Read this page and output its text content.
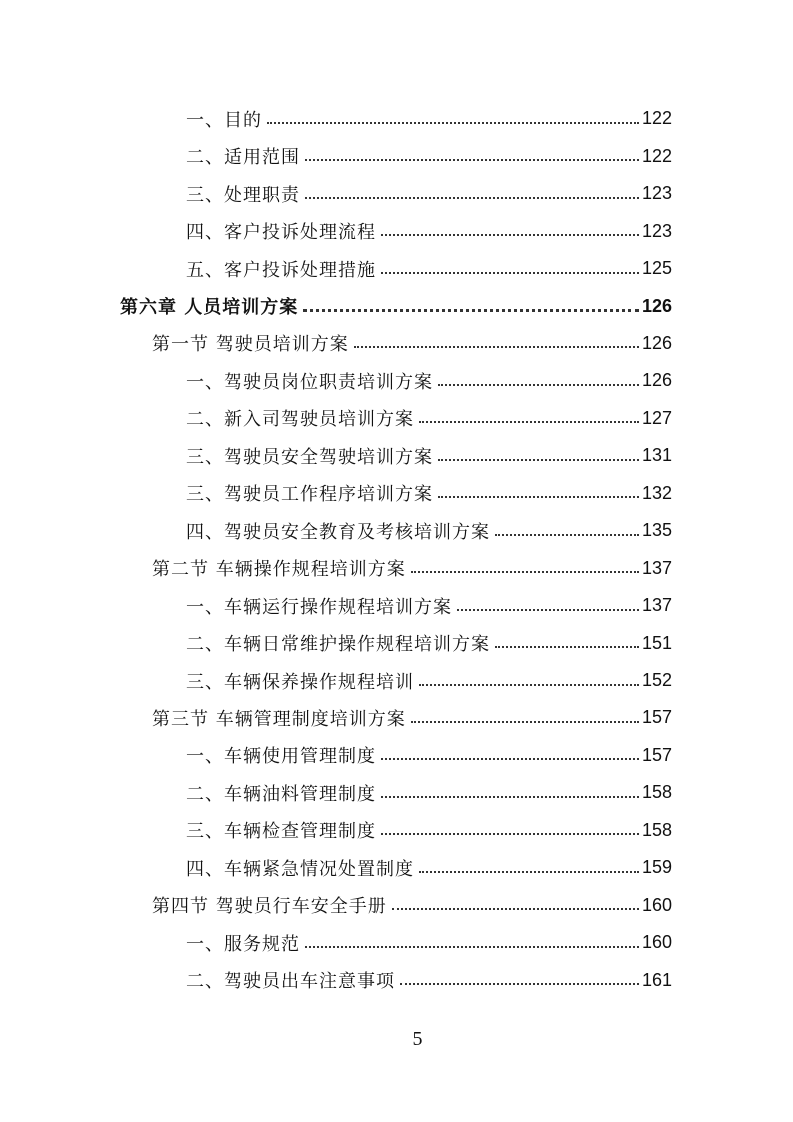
一、目的	122
二、适用范围	122
三、处理职责	123
四、客户投诉处理流程	123
五、客户投诉处理措施	125
第六章 人员培训方案	126
第一节 驾驶员培训方案	126
一、驾驶员岗位职责培训方案	126
二、新入司驾驶员培训方案	127
三、驾驶员安全驾驶培训方案	131
三、驾驶员工作程序培训方案	132
四、驾驶员安全教育及考核培训方案	135
第二节 车辆操作规程培训方案	137
一、车辆运行操作规程培训方案	137
二、车辆日常维护操作规程培训方案	151
三、车辆保养操作规程培训	152
第三节 车辆管理制度培训方案	157
一、车辆使用管理制度	157
二、车辆油料管理制度	158
三、车辆检查管理制度	158
四、车辆紧急情况处置制度	159
第四节 驾驶员行车安全手册	160
一、服务规范	160
二、驾驶员出车注意事项	161
5
